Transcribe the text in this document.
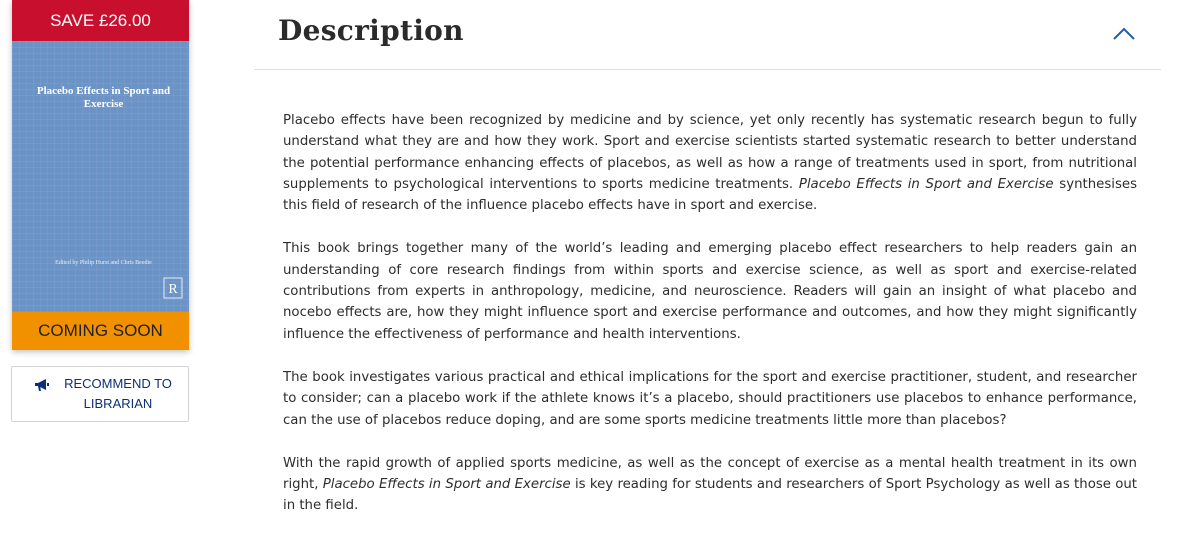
SAVE £26.00
Placebo Effects in Sport and Exercise
Edited by Philip Hurst and Chris Beedie
R
COMING SOON
RECOMMEND TO LIBRARIAN
Description

Placebo effects have been recognized by medicine and by science, yet only recently has systematic research begun to fully understand what they are and how they work. Sport and exercise scientists started systematic research to better understand the potential performance enhancing effects of placebos, as well as how a range of treatments used in sport, from nutritional supplements to psychological interventions to sports medicine treatments. Placebo Effects in Sport and Exercise synthesises this field of research of the influence placebo effects have in sport and exercise.

This book brings together many of the world’s leading and emerging placebo effect researchers to help readers gain an understanding of core research findings from within sports and exercise science, as well as sport and exercise-related contributions from experts in anthropology, medicine, and neuroscience. Readers will gain an insight of what placebo and nocebo effects are, how they might influence sport and exercise performance and outcomes, and how they might significantly influence the effectiveness of performance and health interventions.

The book investigates various practical and ethical implications for the sport and exercise practitioner, student, and researcher to consider; can a placebo work if the athlete knows it’s a placebo, should practitioners use placebos to enhance performance, can the use of placebos reduce doping, and are some sports medicine treatments little more than placebos?

With the rapid growth of applied sports medicine, as well as the concept of exercise as a mental health treatment in its own right, Placebo Effects in Sport and Exercise is key reading for students and researchers of Sport Psychology as well as those out in the field.
